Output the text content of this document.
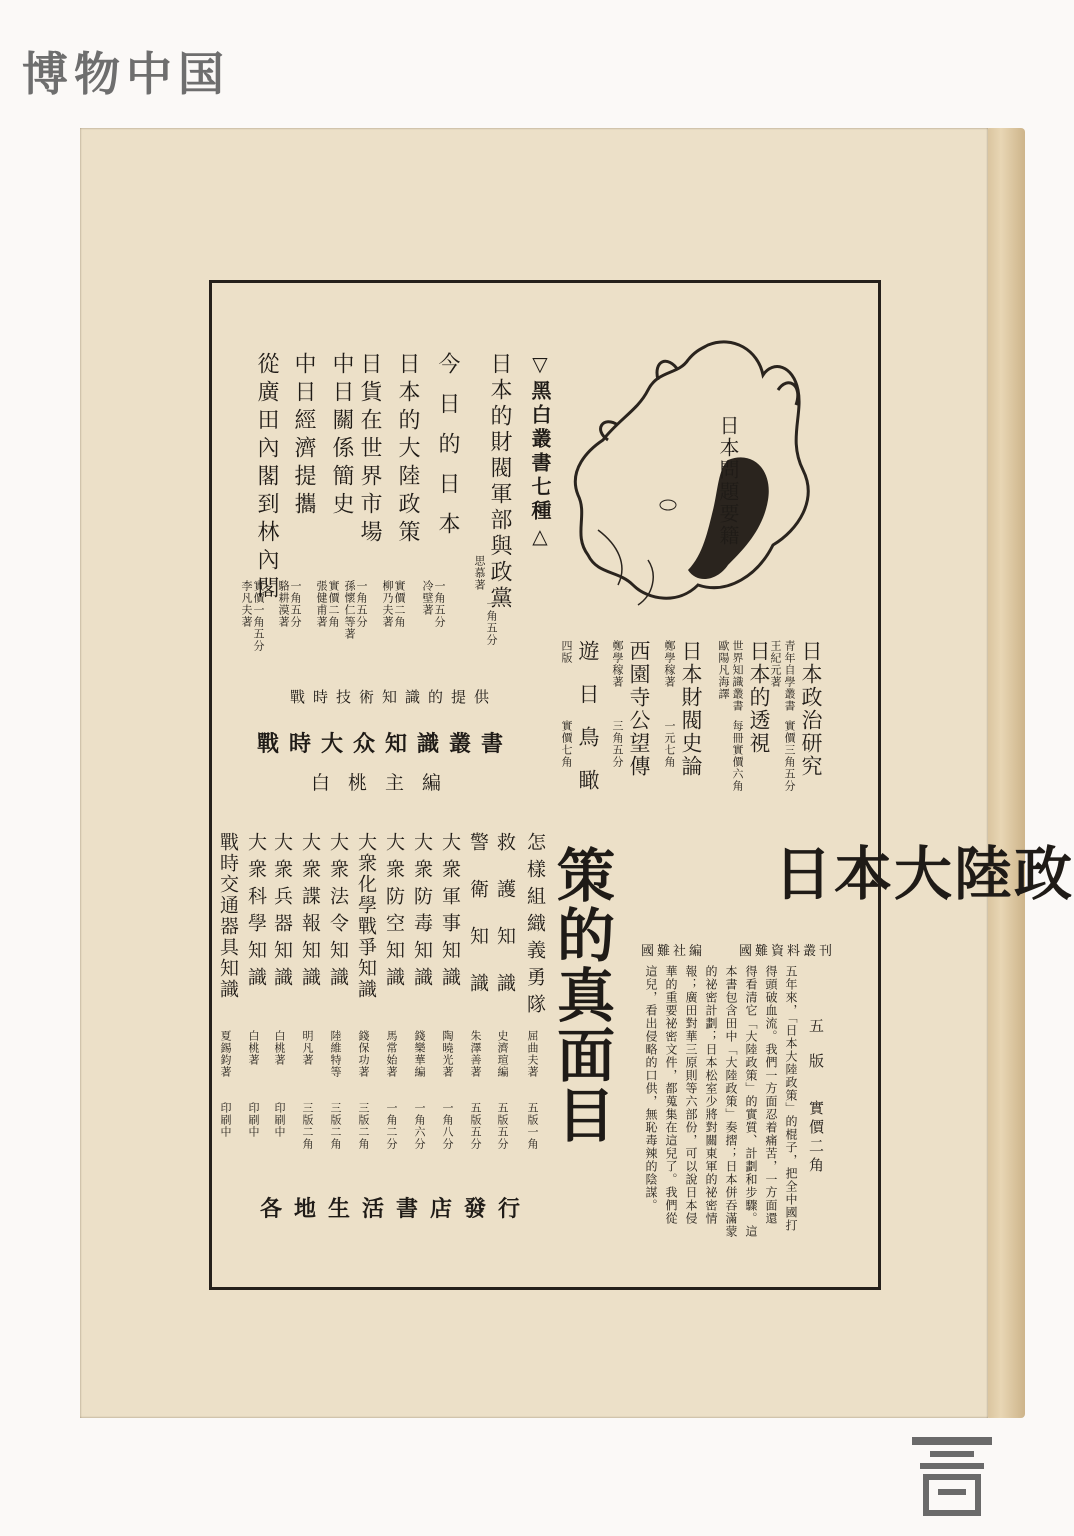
博物中国
日本問題要籍
▽黑白叢書七種△
日本的財閥軍部與政黨
思慕著
一角五分
今日的日本
冷壁著 一角五分
日本的大陸政策
柳乃夫著 實價二角
日貨在世界市場
孫懷仁等著 一角五分
中日關係簡史
張健甫著 實價二角
中日經濟提攜
駱耕漠著 一角五分
從廣田內閣到林內閣
李凡夫著 實價一角五分
日本政治研究
青年自學叢書
王紀元著
實價三角五分
日本的透視
世界知識叢書
歐陽凡海譯
每冊實價六角
日本財閥史論
鄭學稼著
一元七角
西園寺公望傳
鄭學稼著
三角五分
遊日鳥瞰
四版
實價七角
戰時技術知識的提供
戰時大众知識叢書
白桃主編
怎樣組織義勇隊
屈曲夫著
五版一角
救護知識
史濟瑄編
五版五分
警衛知識
朱澤善著
五版五分
大衆軍事知識
陶曉光著
一角八分
大衆防毒知識
錢樂華編
一角六分
大衆防空知識
馬常始著
一角二分
大衆化學戰爭知識
錢保功著
三版二角
大衆法令知識
陸維特等
三版二角
大衆諜報知識
明凡著
三版二角
大衆兵器知識
白桃著
印刷中
大衆科學知識
白桃著
印刷中
戰時交通器具知識
夏錫鈞著
印刷中
日本大陸政
策的真面目	國難資料叢刊
國難社編
五版
實價二角
五年來，「日本大陸政策」的棍子，把全中國打
得頭破血流。我們一方面忍着痛苦，一方面還
得看清它「大陸政策」的實質、計劃和步驟。這
本書包含田中「大陸政策」奏摺；日本併吞滿蒙
的祕密計劃；日本松室少將對關東軍的祕密情
報；廣田對華三原則等六部份，可以說日本侵
華的重要祕密文件，都蒐集在這兒了。我們從
這兒，看出侵略的口供，無恥毒辣的陰謀。
各地生活書店發行
